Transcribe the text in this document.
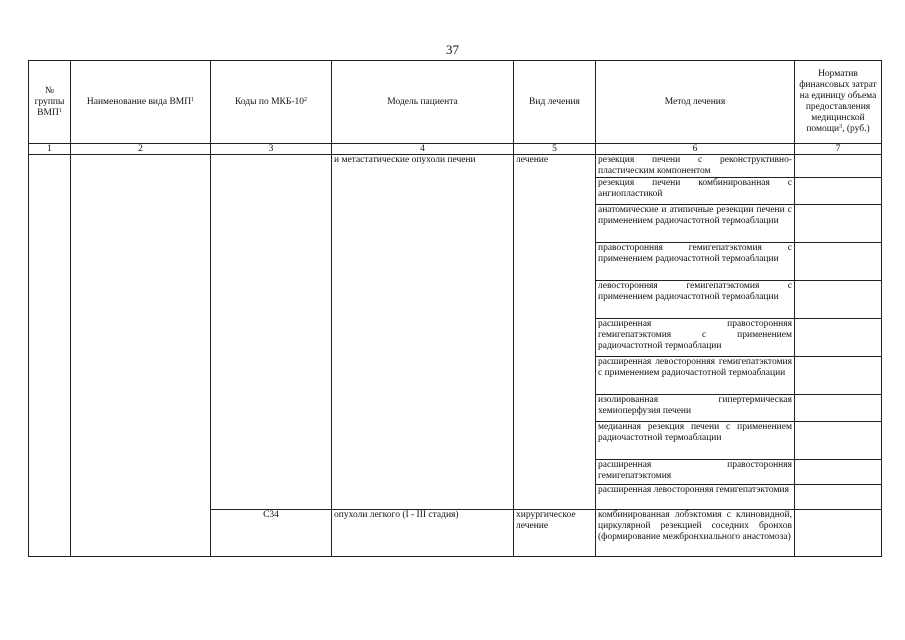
37
№ группы ВМП$^1$	Наименование вида ВМП$^1$	Коды по МКБ-$10^2$	Модель пациента	Вид лечения	Метод лечения	Норматив финансовых затрат на единицу объема предоставления медицинской помощи$^3$, (руб.)
1	2	3	4	5	6	7
			и метастатические опухоли печени	лечение	резекция печени с реконструктивно-пластическим компонентом	
					резекция печени комбинированная с ангиопластикой	
					анатомические и атипичные резекции печени с применением радиочастотной термоаблации	
					правосторонняя гемигепатэктомия с применением радиочастотной термоаблации	
					левосторонняя гемигепатэктомия с применением радиочастотной термоаблации	
					расширенная правосторонняя гемигепатэктомия с применением радиочастотной термоаблации	
					расширенная левосторонняя гемигепатэктомия с применением радиочастотной термоаблации	
					изолированная гипертермическая хемиоперфузия печени	
					медианная резекция печени с применением радиочастотной термоаблации	
					расширенная правосторонняя гемигепатэктомия	
					расширенная левосторонняя гемигепатэктомия	
		C34	опухоли легкого (I - III стадия)	хирургическое лечение	комбинированная лобэктомия с клиновидной, циркулярной резекцией соседних бронхов (формирование межбронхиального анастомоза)	
